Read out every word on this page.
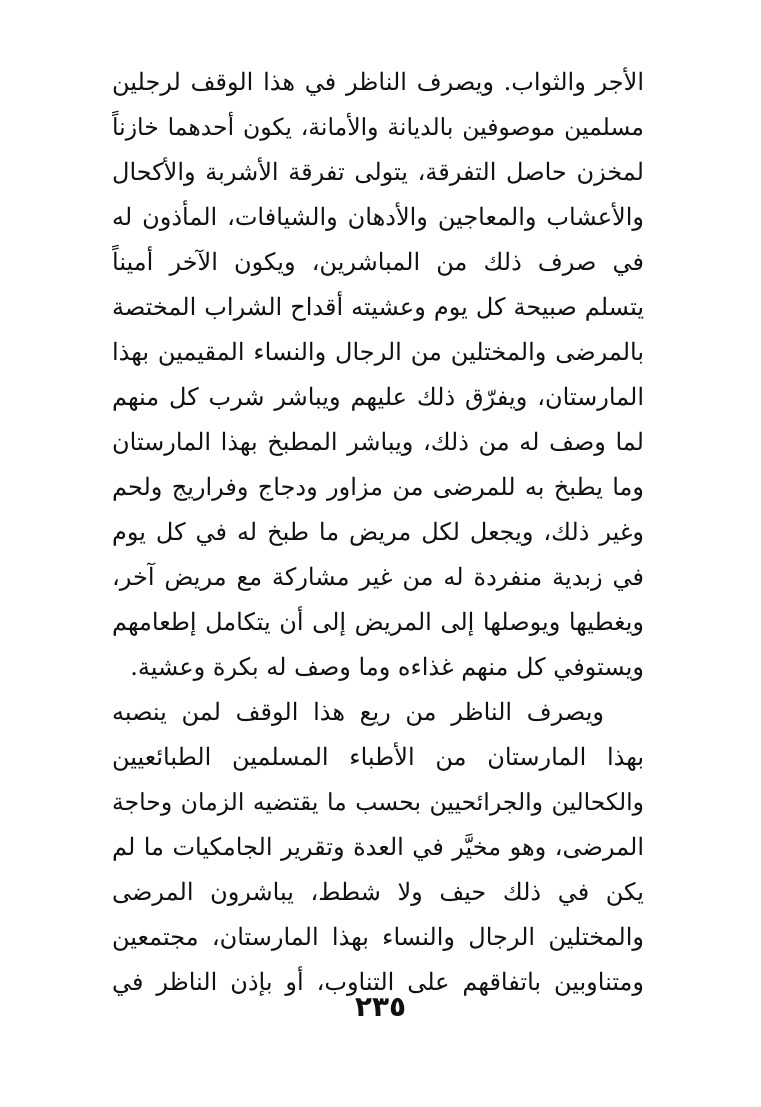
الأجر والثواب. ويصرف الناظر في هذا الوقف لرجلين
مسلمين موصوفين بالديانة والأمانة، يكون أحدهما خازناً
لمخزن حاصل التفرقة، يتولى تفرقة الأشربة والأكحال
والأعشاب والمعاجين والأدهان والشيافات، المأذون له
في صرف ذلك من المباشرين، ويكون الآخر أميناً
يتسلم صبيحة كل يوم وعشيته أقداح الشراب المختصة
بالمرضى والمختلين من الرجال والنساء المقيمين بهذا
المارستان، ويفرّق ذلك عليهم ويباشر شرب كل منهم
لما وصف له من ذلك، ويباشر المطبخ بهذا المارستان
وما يطبخ به للمرضى من مزاور ودجاج وفراريج ولحم
وغير ذلك، ويجعل لكل مريض ما طبخ له في كل يوم
في زبدية منفردة له من غير مشاركة مع مريض آخر،
ويغطيها ويوصلها إلى المريض إلى أن يتكامل إطعامهم
ويستوفي كل منهم غذاءه وما وصف له بكرة وعشية.
ويصرف الناظر من ريع هذا الوقف لمن ينصبه
بهذا المارستان من الأطباء المسلمين الطبائعيين
والكحالين والجرائحيين بحسب ما يقتضيه الزمان وحاجة
المرضى، وهو مخيَّر في العدة وتقرير الجامكيات ما لم
يكن في ذلك حيف ولا شطط، يباشرون المرضى
والمختلين الرجال والنساء بهذا المارستان، مجتمعين
ومتناوبين باتفاقهم على التناوب، أو بإذن الناظر في
٢٣٥
